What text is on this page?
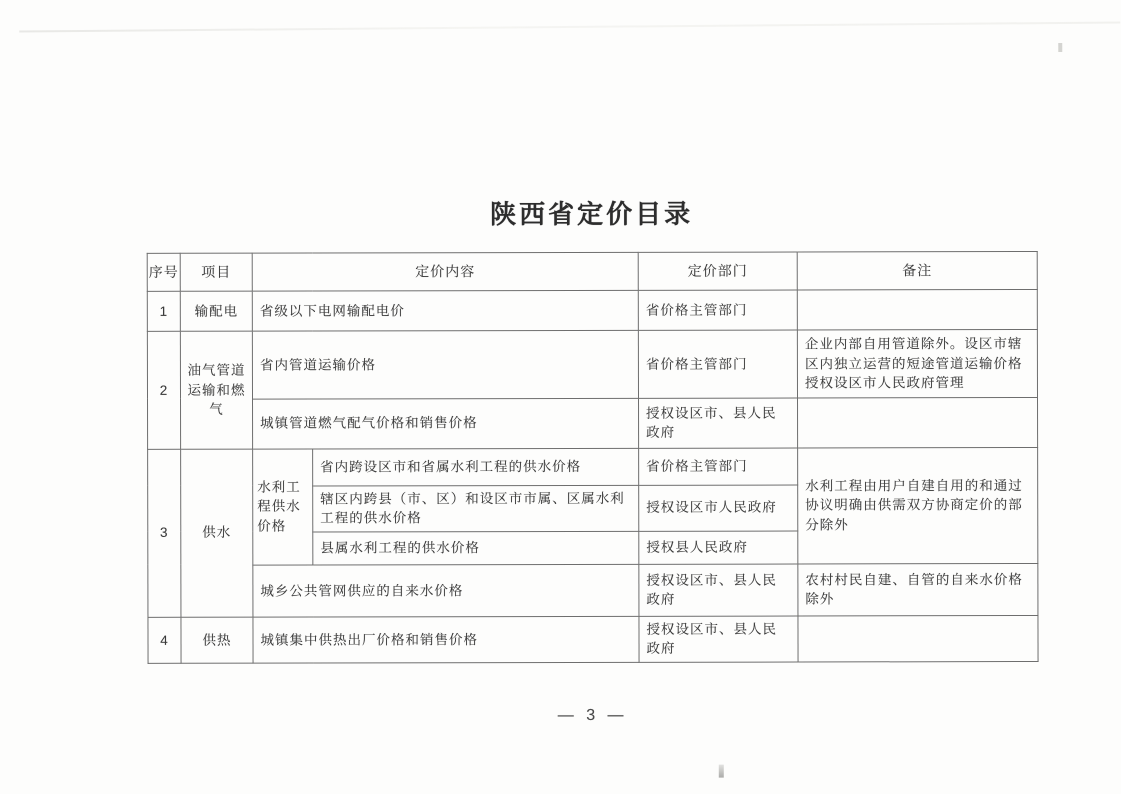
陕西省定价目录
序号	项目	定价内容		定价部门	备注
1	输配电	省级以下电网输配电价		省价格主管部门	
2	油气管道运输和燃气	省内管道运输价格		省价格主管部门	企业内部自用管道除外。设区市辖区内独立运营的短途管道运输价格授权设区市人民政府管理
		城镇管道燃气配气价格和销售价格		授权设区市、县人民政府	
3	供水	水利工程供水价格	省内跨设区市和省属水利工程的供水价格	省价格主管部门	水利工程由用户自建自用的和通过协议明确由供需双方协商定价的部分除外
			辖区内跨县（市、区）和设区市市属、区属水利工程的供水价格	授权设区市人民政府	
			县属水利工程的供水价格	授权县人民政府	
		城乡公共管网供应的自来水价格		授权设区市、县人民政府	农村村民自建、自管的自来水价格除外
4	供热	城镇集中供热出厂价格和销售价格		授权设区市、县人民政府	
— 3 —
